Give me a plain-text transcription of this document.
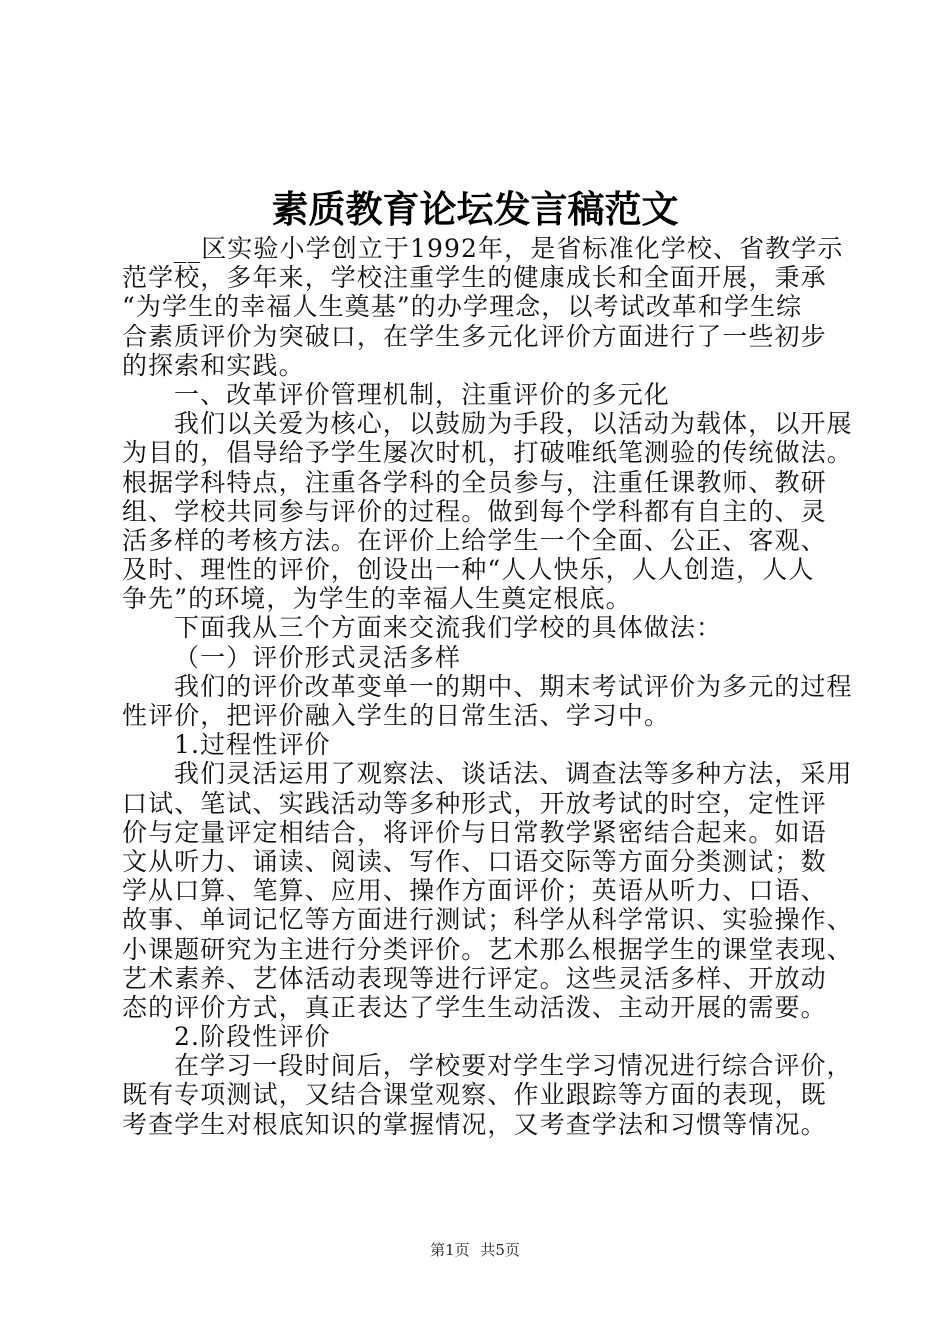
素质教育论坛发言稿范文
__区实验小学创立于1992年，是省标准化学校、省教学示
范学校，多年来，学校注重学生的健康成长和全面开展，秉承
“为学生的幸福人生奠基”的办学理念，以考试改革和学生综
合素质评价为突破口，在学生多元化评价方面进行了一些初步
的探索和实践。
一、改革评价管理机制，注重评价的多元化
我们以关爱为核心，以鼓励为手段，以活动为载体，以开展
为目的，倡导给予学生屡次时机，打破唯纸笔测验的传统做法。
根据学科特点，注重各学科的全员参与，注重任课教师、教研
组、学校共同参与评价的过程。做到每个学科都有自主的、灵
活多样的考核方法。在评价上给学生一个全面、公正、客观、
及时、理性的评价，创设出一种“人人快乐，人人创造，人人
争先”的环境，为学生的幸福人生奠定根底。
下面我从三个方面来交流我们学校的具体做法：
（一）评价形式灵活多样
我们的评价改革变单一的期中、期末考试评价为多元的过程
性评价，把评价融入学生的日常生活、学习中。
1.过程性评价
我们灵活运用了观察法、谈话法、调查法等多种方法，采用
口试、笔试、实践活动等多种形式，开放考试的时空，定性评
价与定量评定相结合，将评价与日常教学紧密结合起来。如语
文从听力、诵读、阅读、写作、口语交际等方面分类测试；数
学从口算、笔算、应用、操作方面评价；英语从听力、口语、
故事、单词记忆等方面进行测试；科学从科学常识、实验操作、
小课题研究为主进行分类评价。艺术那么根据学生的课堂表现、
艺术素养、艺体活动表现等进行评定。这些灵活多样、开放动
态的评价方式，真正表达了学生生动活泼、主动开展的需要。
2.阶段性评价
在学习一段时间后，学校要对学生学习情况进行综合评价，
既有专项测试，又结合课堂观察、作业跟踪等方面的表现，既
考查学生对根底知识的掌握情况，又考查学法和习惯等情况。
第1页 共5页
